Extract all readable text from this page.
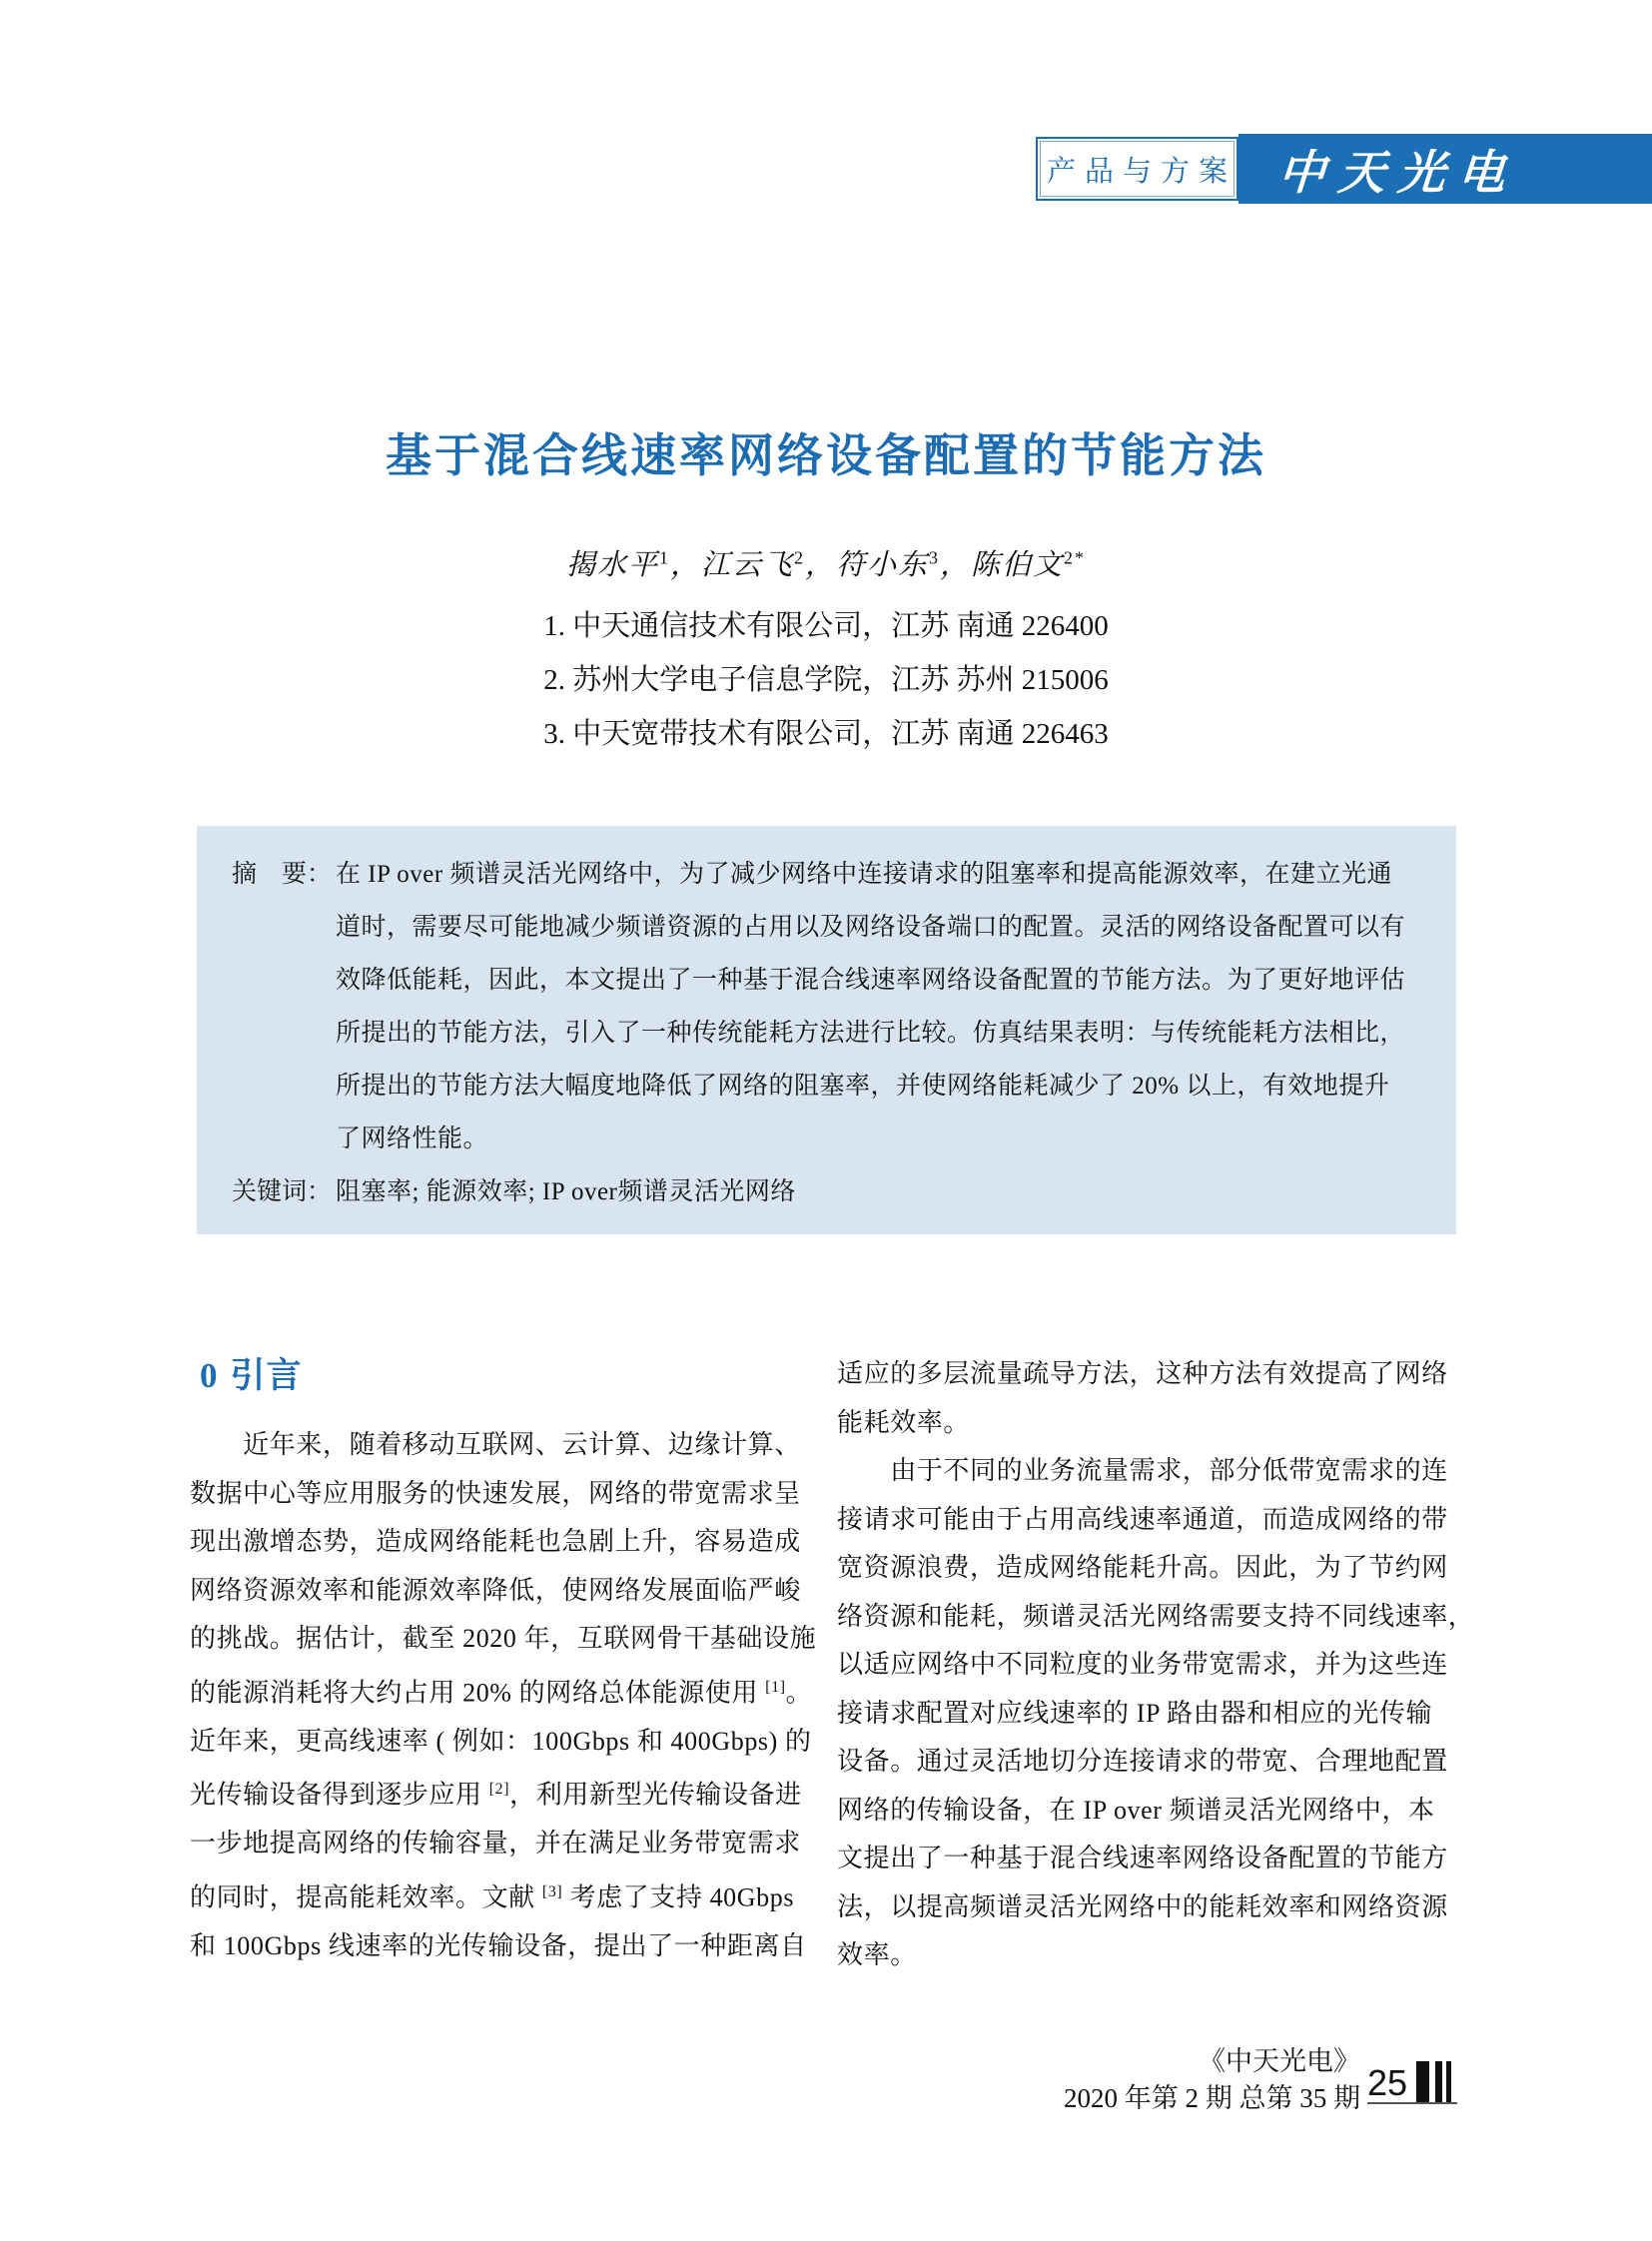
产品与方案 中天光电
基于混合线速率网络设备配置的节能方法
揭水平$^1$，江云飞$^2$，符小东$^3$，陈伯文$^{2*}$
1. 中天通信技术有限公司，江苏 南通 226400
2. 苏州大学电子信息学院，江苏 苏州 215006
3. 中天宽带技术有限公司，江苏 南通 226463
摘　要： 在 IP over 频谱灵活光网络中，为了减少网络中连接请求的阻塞率和提高能源效率，在建立光通
道时，需要尽可能地减少频谱资源的占用以及网络设备端口的配置。灵活的网络设备配置可以有
效降低能耗，因此，本文提出了一种基于混合线速率网络设备配置的节能方法。为了更好地评估
所提出的节能方法，引入了一种传统能耗方法进行比较。仿真结果表明：与传统能耗方法相比，
所提出的节能方法大幅度地降低了网络的阻塞率，并使网络能耗减少了 20% 以上，有效地提升
了网络性能。
关键词： 阻塞率; 能源效率; IP over频谱灵活光网络
0 引言
　　近年来，随着移动互联网、云计算、边缘计算、
数据中心等应用服务的快速发展，网络的带宽需求呈
现出激增态势，造成网络能耗也急剧上升，容易造成
网络资源效率和能源效率降低，使网络发展面临严峻
的挑战。据估计，截至 2020 年，互联网骨干基础设施
的能源消耗将大约占用 20% 的网络总体能源使用 [1]。
近年来，更高线速率 ( 例如：100Gbps 和 400Gbps) 的
光传输设备得到逐步应用 [2]，利用新型光传输设备进
一步地提高网络的传输容量，并在满足业务带宽需求
的同时，提高能耗效率。文献 [3] 考虑了支持 40Gbps
和 100Gbps 线速率的光传输设备，提出了一种距离自
适应的多层流量疏导方法，这种方法有效提高了网络
能耗效率。
　　由于不同的业务流量需求，部分低带宽需求的连
接请求可能由于占用高线速率通道，而造成网络的带
宽资源浪费，造成网络能耗升高。因此，为了节约网
络资源和能耗，频谱灵活光网络需要支持不同线速率，
以适应网络中不同粒度的业务带宽需求，并为这些连
接请求配置对应线速率的 IP 路由器和相应的光传输
设备。通过灵活地切分连接请求的带宽、合理地配置
网络的传输设备，在 IP over 频谱灵活光网络中，本
文提出了一种基于混合线速率网络设备配置的节能方
法，以提高频谱灵活光网络中的能耗效率和网络资源
效率。
《中天光电》
2020 年第 2 期 总第 35 期 25
